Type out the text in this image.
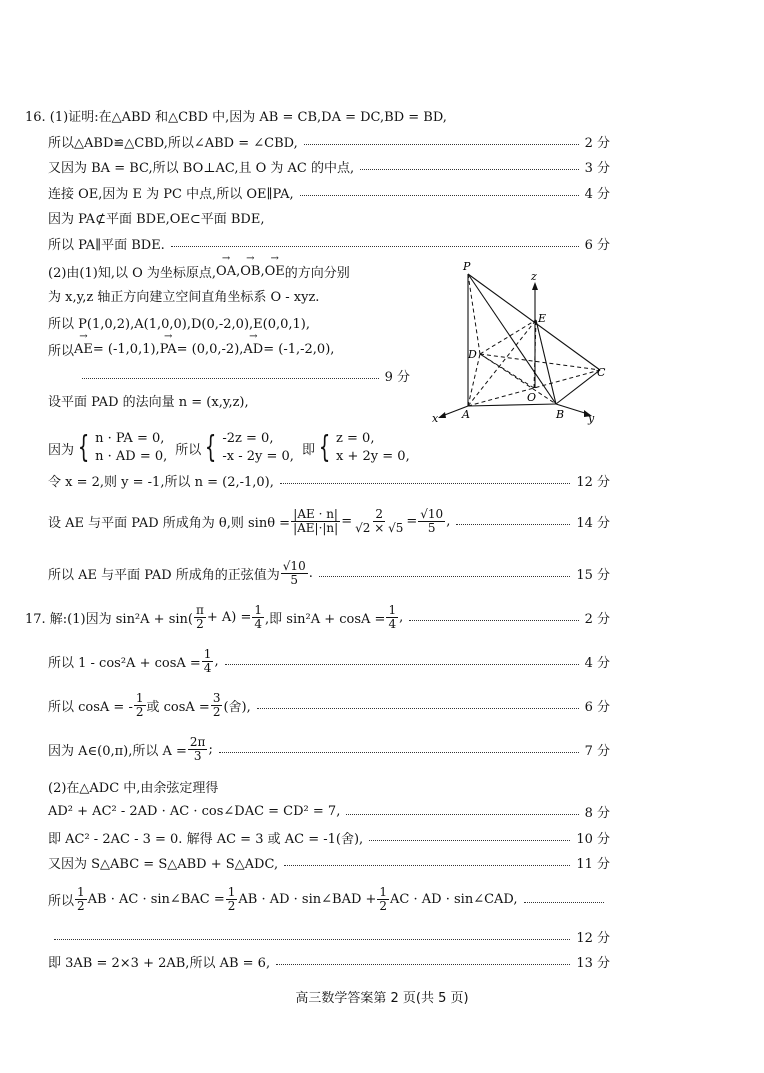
16. (1)证明:在△ABD 和△CBD 中,因为 AB = CB,DA = DC,BD = BD,
所以△ABD≌△CBD,所以∠ABD = ∠CBD,	2 分
又因为 BA = BC,所以 BO⊥AC,且 O 为 AC 的中点,	3 分
连接 OE,因为 E 为 PC 中点,所以 OE∥PA,	4 分
因为 PA⊄平面 BDE,OE⊂平面 BDE,
所以 PA∥平面 BDE.	6 分
(2)由(1)知,以 O 为坐标原点, → OA , → OB , → OE 的方向分别
为 x,y,z 轴正方向建立空间直角坐标系 O - xyz.
所以 P(1,0,2),A(1,0,0),D(0,-2,0),E(0,0,1),
所以 → AE = (-1,0,1), → PA = (0,0,-2), → AD = (-1,-2,0),
9 分
设平面 PAD 的法向量 n = (x,y,z),
因为 { n · PA = 0,
n · AD = 0, 所以 { -2z = 0,
-x - 2y = 0, 即 { z = 0,
x + 2y = 0,
令 x = 2,则 y = -1,所以 n = (2,-1,0),	12 分
设 AE 与平面 PAD 所成角为 θ,则 $\sin\theta = \frac{|AE \cdot n|}{|AE|\cdot|n|} = \frac{2}{√2 \times √5} = \frac{√10}{5}$ ,	14 分
所以 AE 与平面 PAD 所成角的正弦值为 $\frac{√10}{5}$ .	15 分
17. 解:(1)因为 $\sin^2A + \sin( \frac{\pi}{2} + A) = \frac{1}{4}$ ,即 $\sin^2A + \cos A = \frac{1}{4}$ ,	2 分
所以 $1 - \cos^2A + \cos A = \frac{1}{4}$ ,	4 分
所以 cosA = - $\frac{1}{2}$ 或 $\cos A = \frac{3}{2}$ (舍),	6 分
因为 A∈(0,π),所以 $A = \frac{2\pi}{3}$ ;	7 分
(2)在△ADC 中,由余弦定理得
AD² + AC² - 2AD · AC · cos∠DAC = CD² = 7,	8 分
即 AC² - 2AC - 3 = 0. 解得 AC = 3 或 AC = -1(舍),	10 分
又因为 S△ABC = S△ABD + S△ADC,	11 分
所以 $\frac{1}{2}$ AB · AC · sin∠BAC = $\frac{1}{2}$ AB · AD · sin∠BAD + $\frac{1}{2}$ AC · AD · sin∠CAD,
12 分
即 3AB = 2×3 + 2AB,所以 AB = 6,	13 分
P
z
E
D
C
O
A	B
x	y
高三数学答案第 2 页(共 5 页)
